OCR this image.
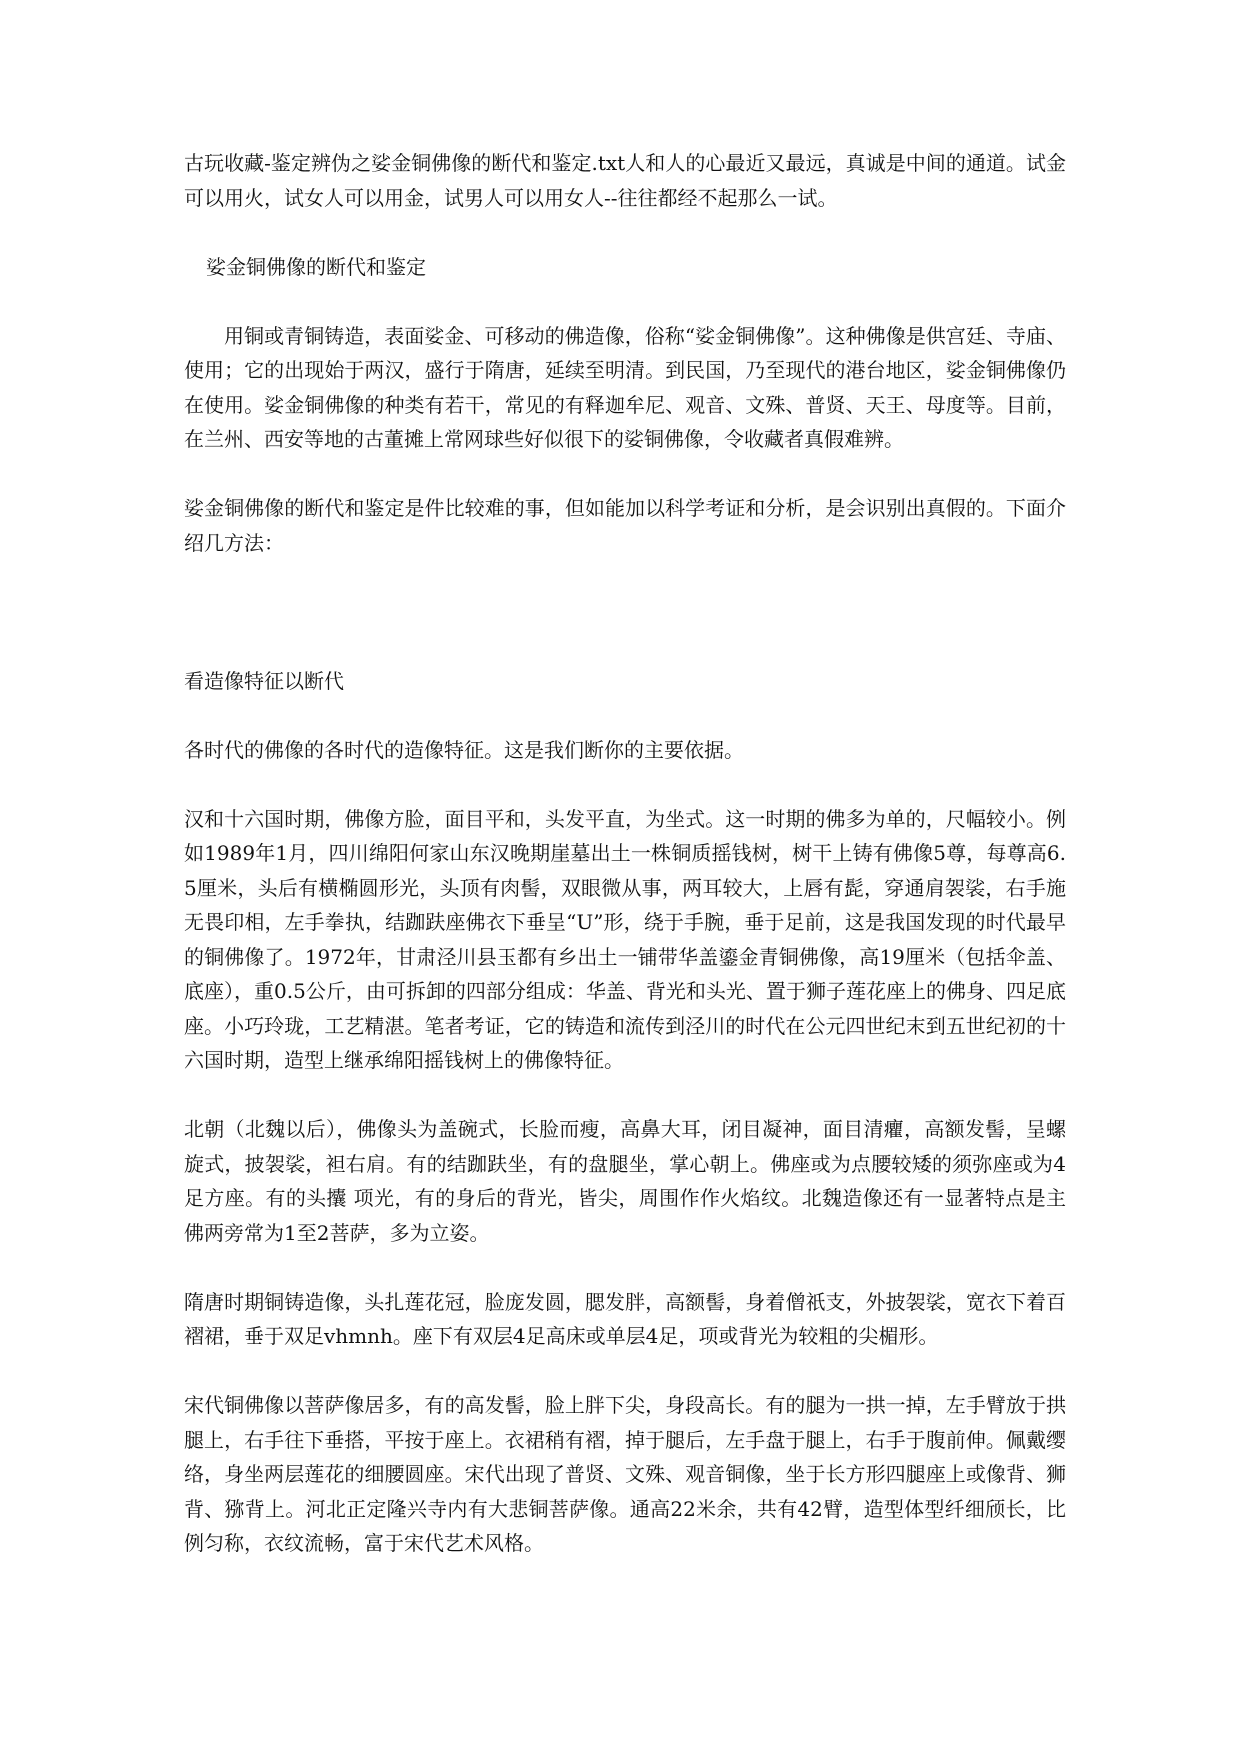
古玩收藏-鉴定辨伪之娑金铜佛像的断代和鉴定.txt人和人的心最近又最远，真诚是中间的通道。试金可以用火，试女人可以用金，试男人可以用女人--往往都经不起那么一试。

娑金铜佛像的断代和鉴定

用铜或青铜铸造，表面娑金、可移动的佛造像，俗称“娑金铜佛像”。这种佛像是供宫廷、寺庙、使用；它的出现始于两汉，盛行于隋唐，延续至明清。到民国，乃至现代的港台地区，娑金铜佛像仍在使用。娑金铜佛像的种类有若干，常见的有释迦牟尼、观音、文殊、普贤、天王、母度等。目前，在兰州、西安等地的古董摊上常网球些好似很下的娑铜佛像，令收藏者真假难辨。

娑金铜佛像的断代和鉴定是件比较难的事，但如能加以科学考证和分析，是会识别出真假的。下面介绍几方法：

看造像特征以断代

各时代的佛像的各时代的造像特征。这是我们断你的主要依据。

汉和十六国时期，佛像方脸，面目平和，头发平直，为坐式。这一时期的佛多为单的，尺幅较小。例如1989年1月，四川绵阳何家山东汉晚期崖墓出土一株铜质摇钱树，树干上铸有佛像5尊，每尊高6.5厘米，头后有横椭圆形光，头顶有肉髻，双眼微从事，两耳较大，上唇有髭，穿通肩袈裟，右手施无畏印相，左手拳执，结跏趺座佛衣下垂呈“U”形，绕于手腕，垂于足前，这是我国发现的时代最早的铜佛像了。1972年，甘肃泾川县玉都有乡出土一铺带华盖鎏金青铜佛像，高19厘米（包括伞盖、底座），重0.5公斤，由可拆卸的四部分组成：华盖、背光和头光、置于狮子莲花座上的佛身、四足底座。小巧玲珑，工艺精湛。笔者考证，它的铸造和流传到泾川的时代在公元四世纪末到五世纪初的十六国时期，造型上继承绵阳摇钱树上的佛像特征。

北朝（北魏以后），佛像头为盖碗式，长脸而瘦，高鼻大耳，闭目凝神，面目清癯，高额发髻，呈螺旋式，披袈裟，袒右肩。有的结跏趺坐，有的盘腿坐，掌心朝上。佛座或为点腰较矮的须弥座或为4足方座。有的头攮 项光，有的身后的背光，皆尖，周围作作火焰纹。北魏造像还有一显著特点是主佛两旁常为1至2菩萨，多为立姿。

隋唐时期铜铸造像，头扎莲花冠，脸庞发圆，腮发胖，高额髻，身着僧祇支，外披袈裟，宽衣下着百褶裙，垂于双足vhmnh。座下有双层4足高床或单层4足，项或背光为较粗的尖楣形。

宋代铜佛像以菩萨像居多，有的高发髻，脸上胖下尖，身段高长。有的腿为一拱一掉，左手臂放于拱腿上，右手往下垂搭，平按于座上。衣裙稍有褶，掉于腿后，左手盘于腿上，右手于腹前伸。佩戴缨络，身坐两层莲花的细腰圆座。宋代出现了普贤、文殊、观音铜像，坐于长方形四腿座上或像背、狮背、猕背上。河北正定隆兴寺内有大悲铜菩萨像。通高22米余，共有42臂，造型体型纤细颀长，比例匀称，衣纹流畅，富于宋代艺术风格。
